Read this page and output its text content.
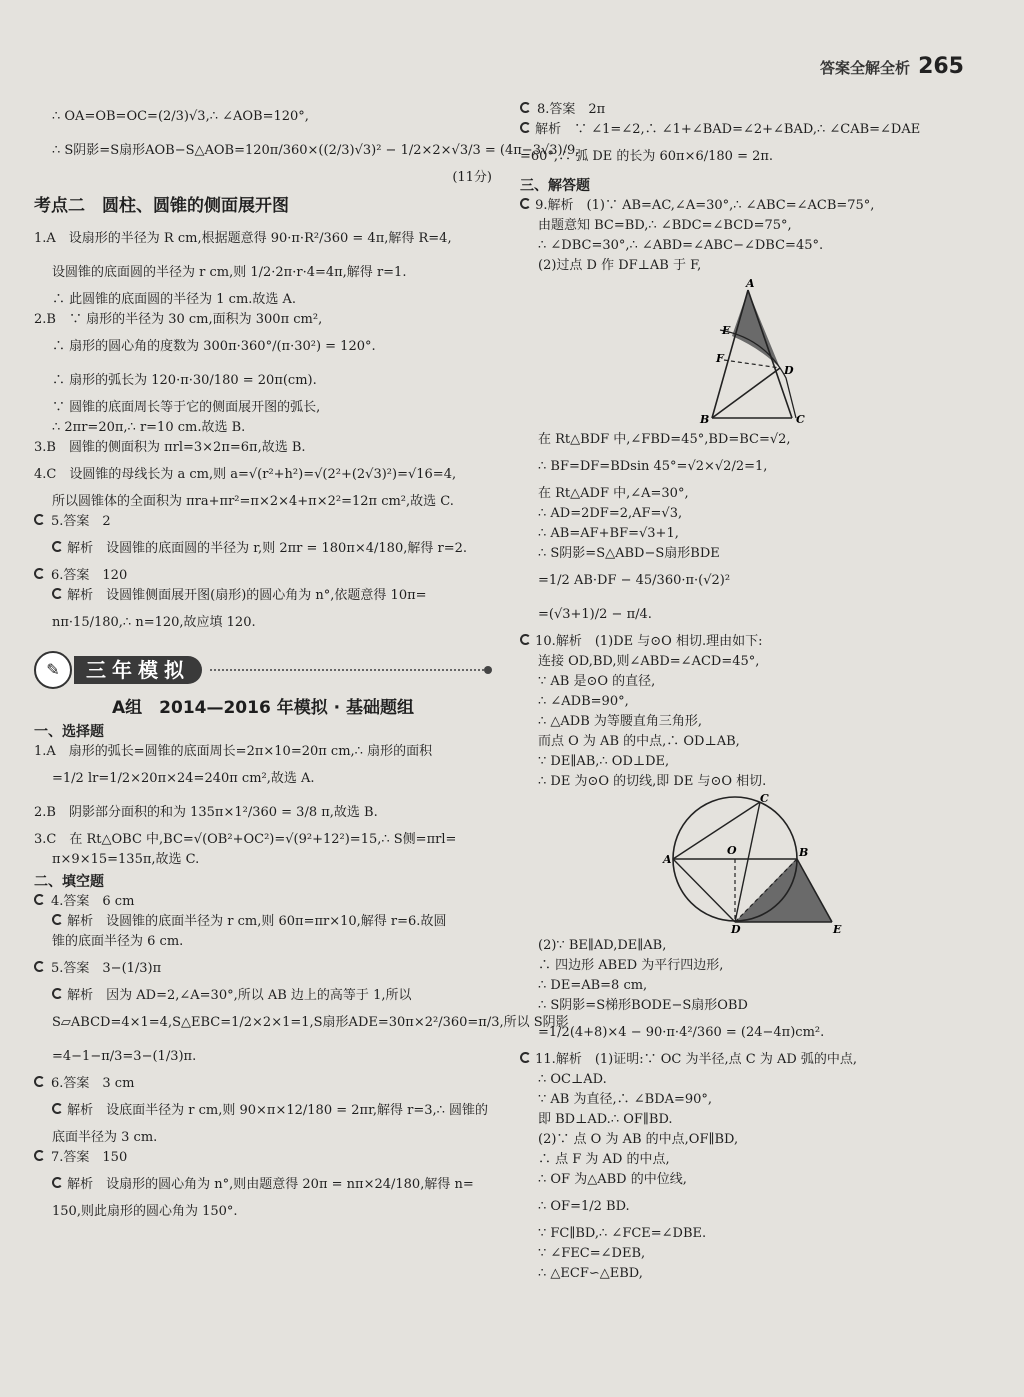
答案全解全析 265

∴ OA=OB=OC=(2/3)√3,∴ ∠AOB=120°,

∴ S阴影=S扇形AOB−S△AOB=120π/360×((2/3)√3)² − 1/2×2×√3/3 = (4π−3√3)/9.

(11分)

考点二　圆柱、圆锥的侧面展开图

1.A　设扇形的半径为 R cm,根据题意得 90·π·R²/360 = 4π,解得 R=4,

设圆锥的底面圆的半径为 r cm,则 1/2·2π·r·4=4π,解得 r=1.

∴ 此圆锥的底面圆的半径为 1 cm.故选 A.

2.B　∵ 扇形的半径为 30 cm,面积为 300π cm²,

∴ 扇形的圆心角的度数为 300π·360°/(π·30²) = 120°.

∴ 扇形的弧长为 120·π·30/180 = 20π(cm).

∵ 圆锥的底面周长等于它的侧面展开图的弧长,

∴ 2πr=20π,∴ r=10 cm.故选 B.

3.B　圆锥的侧面积为 πrl=3×2π=6π,故选 B.

4.C　设圆锥的母线长为 a cm,则 a=√(r²+h²)=√(2²+(2√3)²)=√16=4,

所以圆锥体的全面积为 πra+πr²=π×2×4+π×2²=12π cm²,故选 C.

5.答案　2

解析　设圆锥的底面圆的半径为 r,则 2πr = 180π×4/180,解得 r=2.

6.答案　120

解析　设圆锥侧面展开图(扇形)的圆心角为 n°,依题意得 10π=

nπ·15/180,∴ n=120,故应填 120.

✎	三年模拟
A组　2014—2016 年模拟 · 基础题组
一、选择题

1.A　扇形的弧长=圆锥的底面周长=2π×10=20π cm,∴ 扇形的面积

=1/2 lr=1/2×20π×24=240π cm²,故选 A.

2.B　阴影部分面积的和为 135π×1²/360 = 3/8 π,故选 B.

3.C　在 Rt△OBC 中,BC=√(OB²+OC²)=√(9²+12²)=15,∴ S侧=πrl=

π×9×15=135π,故选 C.

二、填空题

4.答案　6 cm

解析　设圆锥的底面半径为 r cm,则 60π=πr×10,解得 r=6.故圆

锥的底面半径为 6 cm.

5.答案　3−(1/3)π

解析　因为 AD=2,∠A=30°,所以 AB 边上的高等于 1,所以

S▱ABCD=4×1=4,S△EBC=1/2×2×1=1,S扇形ADE=30π×2²/360=π/3,所以 S阴影

=4−1−π/3=3−(1/3)π.

6.答案　3 cm

解析　设底面半径为 r cm,则 90×π×12/180 = 2πr,解得 r=3,∴ 圆锥的

底面半径为 3 cm.

7.答案　150

解析　设扇形的圆心角为 n°,则由题意得 20π = nπ×24/180,解得 n=

150,则此扇形的圆心角为 150°.

8.答案　2π

解析　∵ ∠1=∠2,∴ ∠1+∠BAD=∠2+∠BAD,∴ ∠CAB=∠DAE

=60°,∴ 弧 DE 的长为 60π×6/180 = 2π.

三、解答题

9.解析　(1)∵ AB=AC,∠A=30°,∴ ∠ABC=∠ACB=75°,

由题意知 BC=BD,∴ ∠BDC=∠BCD=75°,

∴ ∠DBC=30°,∴ ∠ABD=∠ABC−∠DBC=45°.

(2)过点 D 作 DF⊥AB 于 F,

A
E
F
D
B	C

在 Rt△BDF 中,∠FBD=45°,BD=BC=√2,

∴ BF=DF=BDsin 45°=√2×√2/2=1,

在 Rt△ADF 中,∠A=30°,

∴ AD=2DF=2,AF=√3,

∴ AB=AF+BF=√3+1,

∴ S阴影=S△ABD−S扇形BDE

=1/2 AB·DF − 45/360·π·(√2)²

=(√3+1)/2 − π/4.

10.解析　(1)DE 与⊙O 相切.理由如下:

连接 OD,BD,则∠ABD=∠ACD=45°,

∵ AB 是⊙O 的直径,

∴ ∠ADB=90°,

∴ △ADB 为等腰直角三角形,

而点 O 为 AB 的中点,∴ OD⊥AB,

∵ DE∥AB,∴ OD⊥DE,

∴ DE 为⊙O 的切线,即 DE 与⊙O 相切.

C
A
O	B
D	E

(2)∵ BE∥AD,DE∥AB,

∴ 四边形 ABED 为平行四边形,

∴ DE=AB=8 cm,

∴ S阴影=S梯形BODE−S扇形OBD

=1/2(4+8)×4 − 90·π·4²/360 = (24−4π)cm².

11.解析　(1)证明:∵ OC 为半径,点 C 为 AD 弧的中点,

∴ OC⊥AD.

∵ AB 为直径,∴ ∠BDA=90°,

即 BD⊥AD.∴ OF∥BD.

(2)∵ 点 O 为 AB 的中点,OF∥BD,

∴ 点 F 为 AD 的中点,

∴ OF 为△ABD 的中位线,

∴ OF=1/2 BD.

∵ FC∥BD,∴ ∠FCE=∠DBE.

∵ ∠FEC=∠DEB,

∴ △ECF∽△EBD,
